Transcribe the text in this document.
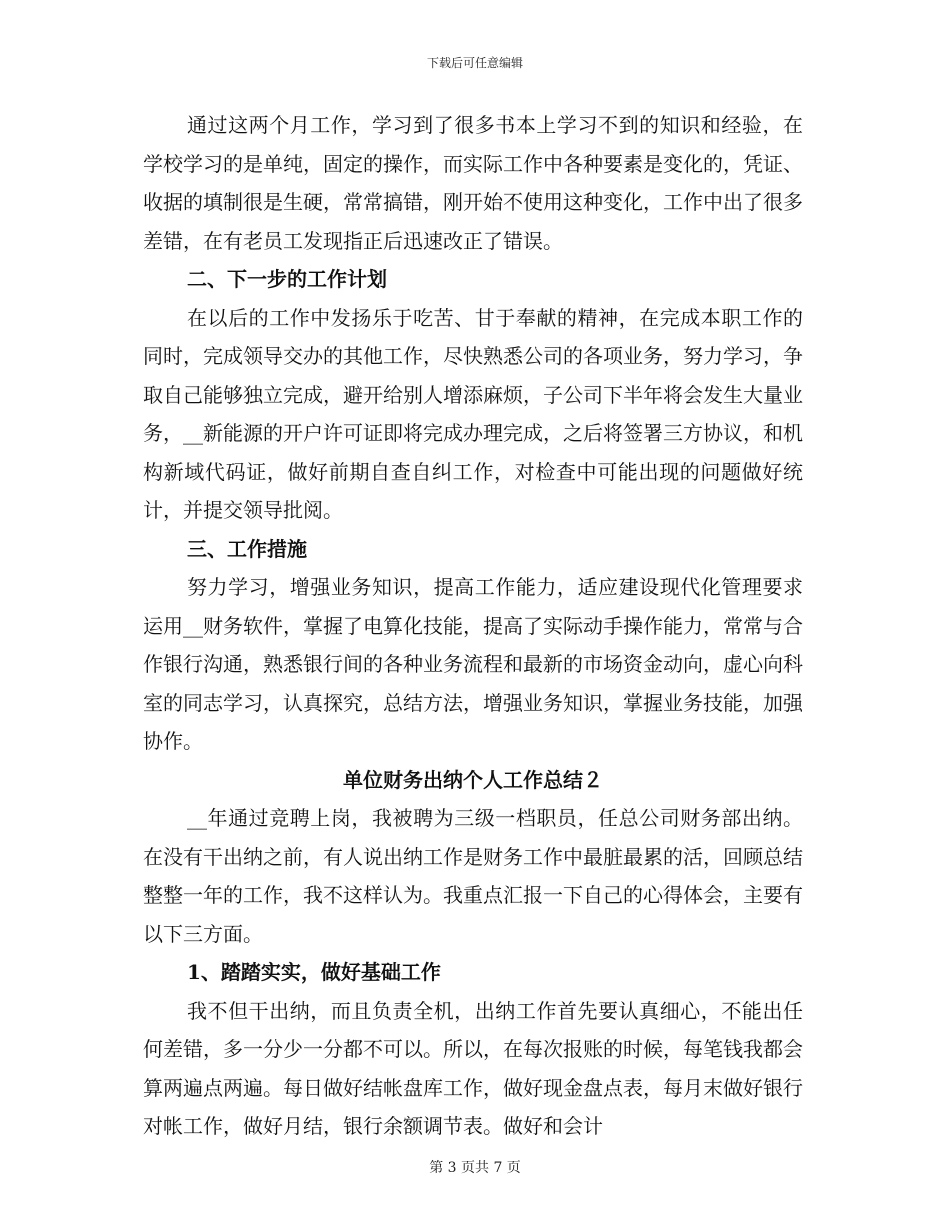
下载后可任意编辑

通过这两个月工作，学习到了很多书本上学习不到的知识和经验，在学校学习的是单纯，固定的操作，而实际工作中各种要素是变化的，凭证、收据的填制很是生硬，常常搞错，刚开始不使用这种变化，工作中出了很多差错，在有老员工发现指正后迅速改正了错误。

二、下一步的工作计划

在以后的工作中发扬乐于吃苦、甘于奉献的精神，在完成本职工作的同时，完成领导交办的其他工作，尽快熟悉公司的各项业务，努力学习，争取自己能够独立完成，避开给别人增添麻烦，子公司下半年将会发生大量业务，__新能源的开户许可证即将完成办理完成，之后将签署三方协议，和机构新域代码证，做好前期自查自纠工作，对检查中可能出现的问题做好统计，并提交领导批阅。

三、工作措施

努力学习，增强业务知识，提高工作能力，适应建设现代化管理要求运用__财务软件，掌握了电算化技能，提高了实际动手操作能力，常常与合作银行沟通，熟悉银行间的各种业务流程和最新的市场资金动向，虚心向科室的同志学习，认真探究，总结方法，增强业务知识，掌握业务技能，加强协作。

单位财务出纳个人工作总结２

__年通过竞聘上岗，我被聘为三级一档职员，任总公司财务部出纳。在没有干出纳之前，有人说出纳工作是财务工作中最脏最累的活，回顾总结整整一年的工作，我不这样认为。我重点汇报一下自己的心得体会，主要有以下三方面。

1、踏踏实实，做好基础工作

我不但干出纳，而且负责全机，出纳工作首先要认真细心，不能出任何差错，多一分少一分都不可以。所以，在每次报账的时候，每笔钱我都会算两遍点两遍。每日做好结帐盘库工作，做好现金盘点表，每月末做好银行对帐工作，做好月结，银行余额调节表。做好和会计

第 3 页共 7 页
